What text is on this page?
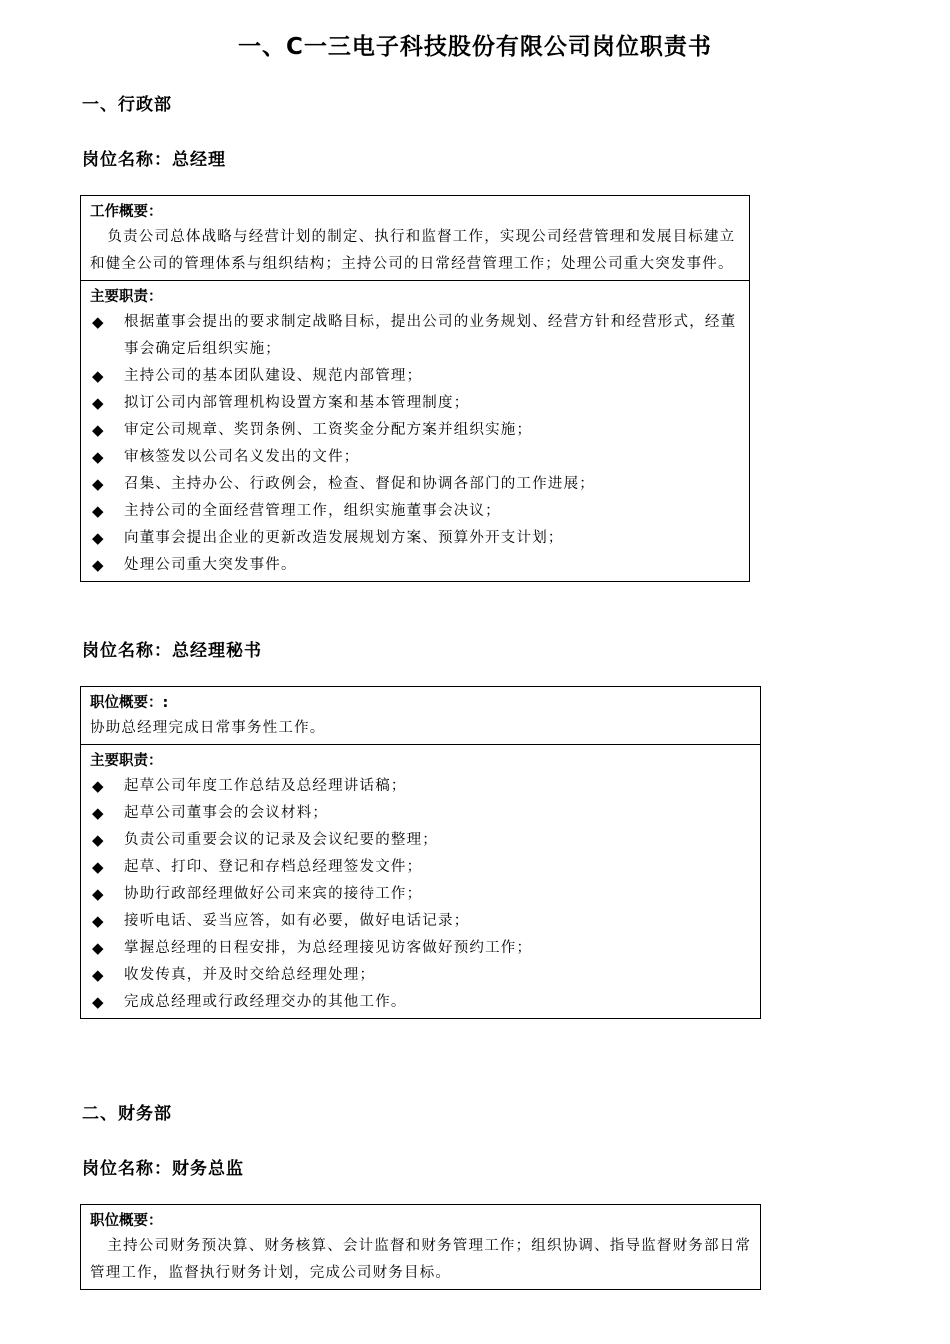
一、C一三电子科技股份有限公司岗位职责书
一、行政部
岗位名称：总经理
工作概要：

负责公司总体战略与经营计划的制定、执行和监督工作，实现公司经营管理和发展目标建立和健全公司的管理体系与组织结构；主持公司的日常经营管理工作；处理公司重大突发事件。

主要职责：
◆ 根据董事会提出的要求制定战略目标，提出公司的业务规划、经营方针和经营形式，经董事会确定后组织实施；
◆ 主持公司的基本团队建设、规范内部管理；
◆ 拟订公司内部管理机构设置方案和基本管理制度；
◆ 审定公司规章、奖罚条例、工资奖金分配方案并组织实施；
◆ 审核签发以公司名义发出的文件；
◆ 召集、主持办公、行政例会，检查、督促和协调各部门的工作进展；
◆ 主持公司的全面经营管理工作，组织实施董事会决议；
◆ 向董事会提出企业的更新改造发展规划方案、预算外开支计划；
◆ 处理公司重大突发事件。
岗位名称：总经理秘书
职位概要：:

协助总经理完成日常事务性工作。

主要职责：
◆ 起草公司年度工作总结及总经理讲话稿；
◆ 起草公司董事会的会议材料；
◆ 负责公司重要会议的记录及会议纪要的整理；
◆ 起草、打印、登记和存档总经理签发文件；
◆ 协助行政部经理做好公司来宾的接待工作；
◆ 接听电话、妥当应答，如有必要，做好电话记录；
◆ 掌握总经理的日程安排，为总经理接见访客做好预约工作；
◆ 收发传真，并及时交给总经理处理；
◆ 完成总经理或行政经理交办的其他工作。
二、财务部
岗位名称：财务总监
职位概要：

主持公司财务预决算、财务核算、会计监督和财务管理工作；组织协调、指导监督财务部日常管理工作，监督执行财务计划，完成公司财务目标。
